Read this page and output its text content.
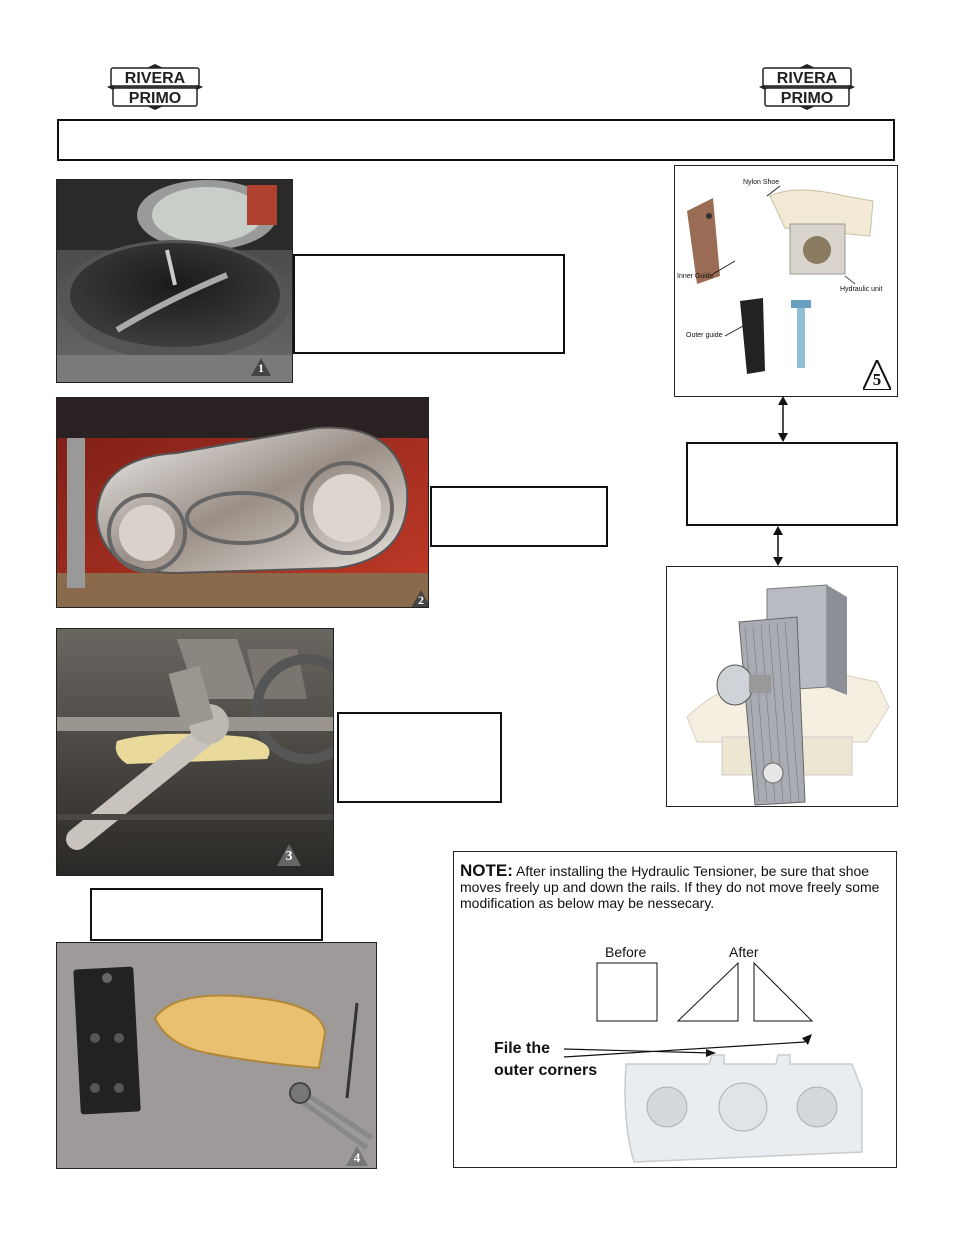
RIVERA
PRIMO
RIVERA
PRIMO
1
2
3
4
Nylon Shoe
Inner Guide
Hydraulic unit
Outer guide
5
NOTE: After installing the Hydraulic Tensioner, be sure that shoe moves freely up and down the rails. If they do not move freely some modification as below may be nessecary.
Before	After
File the
outer corners
